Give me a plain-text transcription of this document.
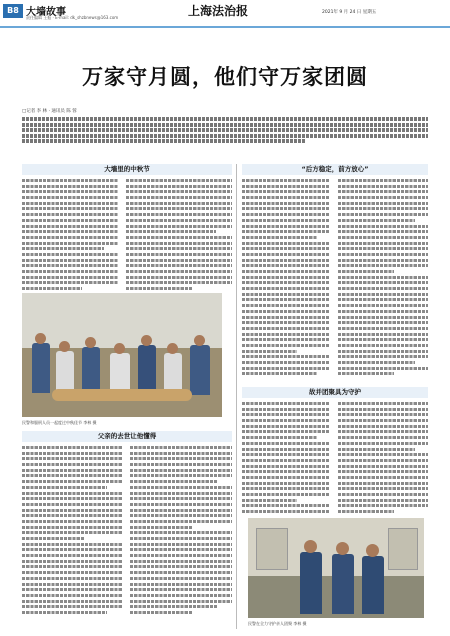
B8 大墙故事
责任编辑 王振 · E-mail: dk_shzbnews@163.com	上海法治报	2021年 9 月 24 日 星期五
万家守月圆，他们守万家团圆
□记者 李 林 · 通讯员 陈 蓉
大墙里的中秋节	“后方稳定，前方放心”
民警和服刑人员一起度过中秋佳节 李林 摄
父亲的去世让他懂得
故并团聚具为守护
民警在全力守护亲人团聚 李林 摄
